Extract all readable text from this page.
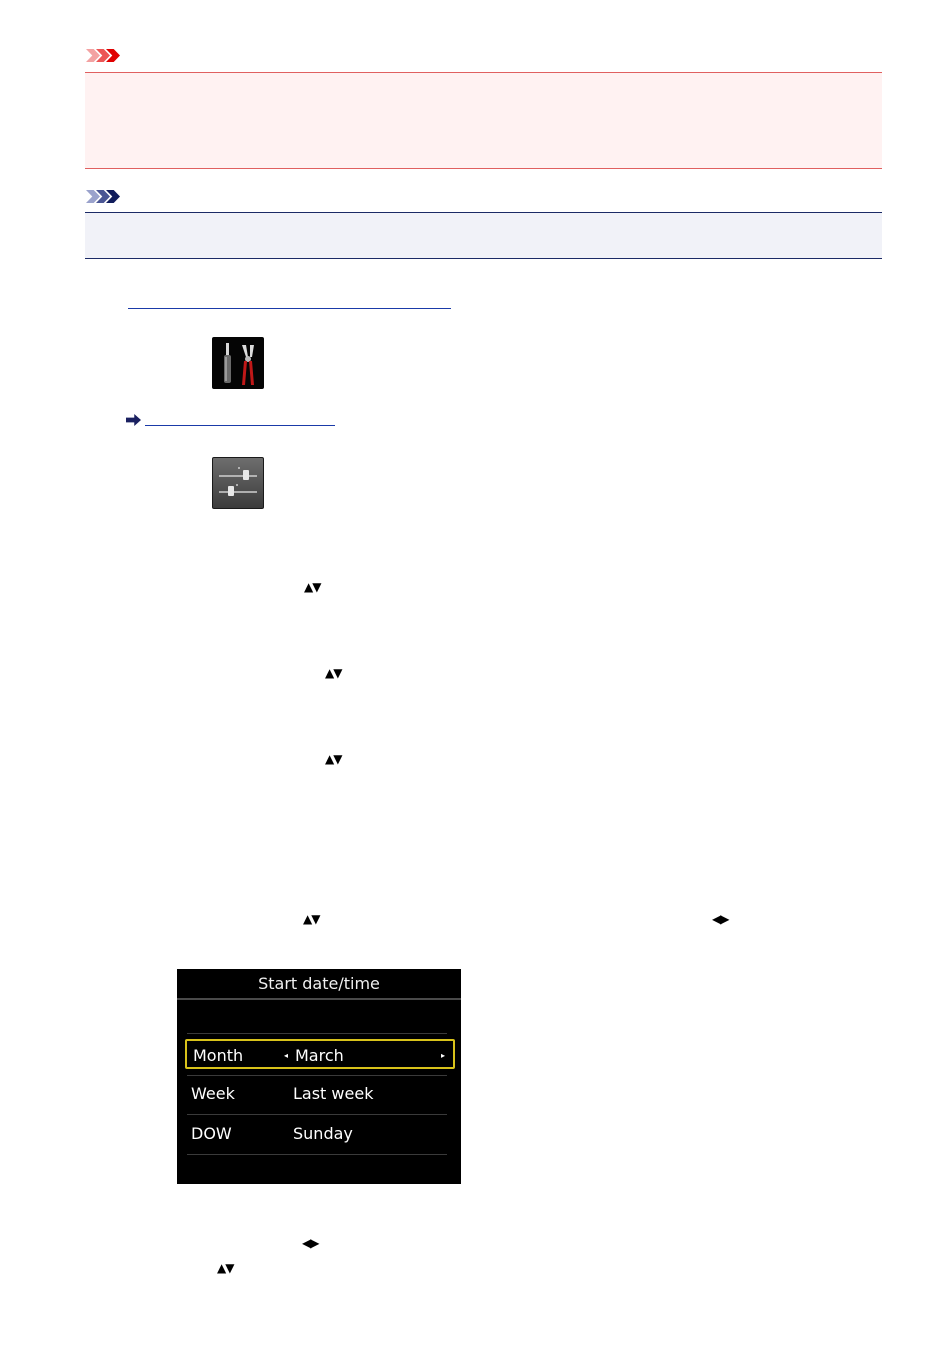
▲▼
▲▼
▲▼
▲▼	◀▶
◀▶
▲▼
Start date/time
Month	◂ March	▸
Week	Last week
DOW	Sunday
